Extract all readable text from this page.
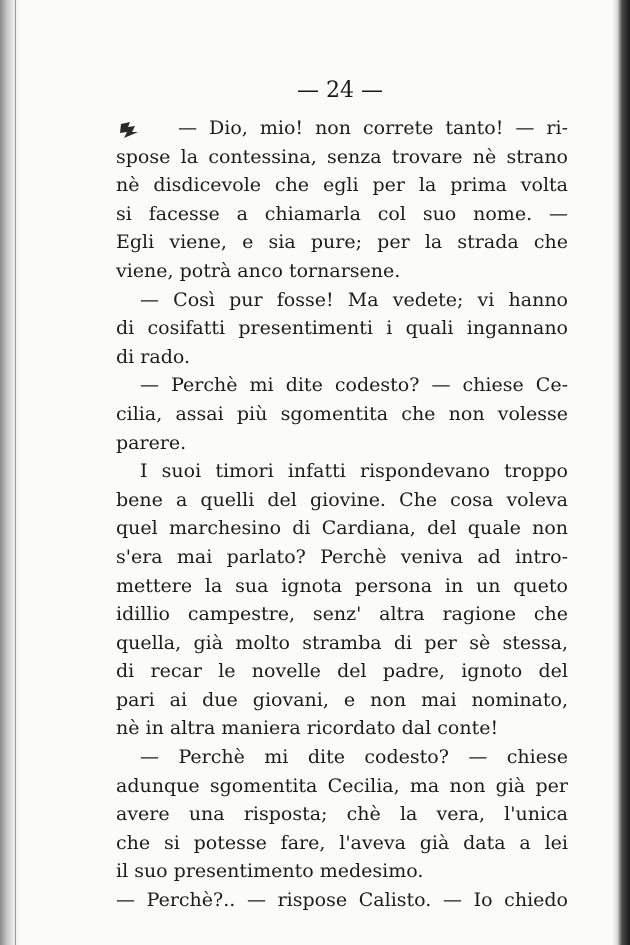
— 24 —
— Dio, mio! non correte tanto! — ri-
spose la contessina, senza trovare nè strano
nè disdicevole che egli per la prima volta
si facesse a chiamarla col suo nome. —
Egli viene, e sia pure; per la strada che
viene, potrà anco tornarsene.
— Così pur fosse! Ma vedete; vi hanno
di cosifatti presentimenti i quali ingannano
di rado.
— Perchè mi dite codesto? — chiese Ce-
cilia, assai più sgomentita che non volesse
parere.
I suoi timori infatti rispondevano troppo
bene a quelli del giovine. Che cosa voleva
quel marchesino di Cardiana, del quale non
s'era mai parlato? Perchè veniva ad intro-
mettere la sua ignota persona in un queto
idillio campestre, senz' altra ragione che
quella, già molto stramba di per sè stessa,
di recar le novelle del padre, ignoto del
pari ai due giovani, e non mai nominato,
nè in altra maniera ricordato dal conte!
— Perchè mi dite codesto? — chiese
adunque sgomentita Cecilia, ma non già per
avere una risposta; chè la vera, l'unica
che si potesse fare, l'aveva già data a lei
il suo presentimento medesimo.
— Perchè?.. — rispose Calisto. — Io chiedo
